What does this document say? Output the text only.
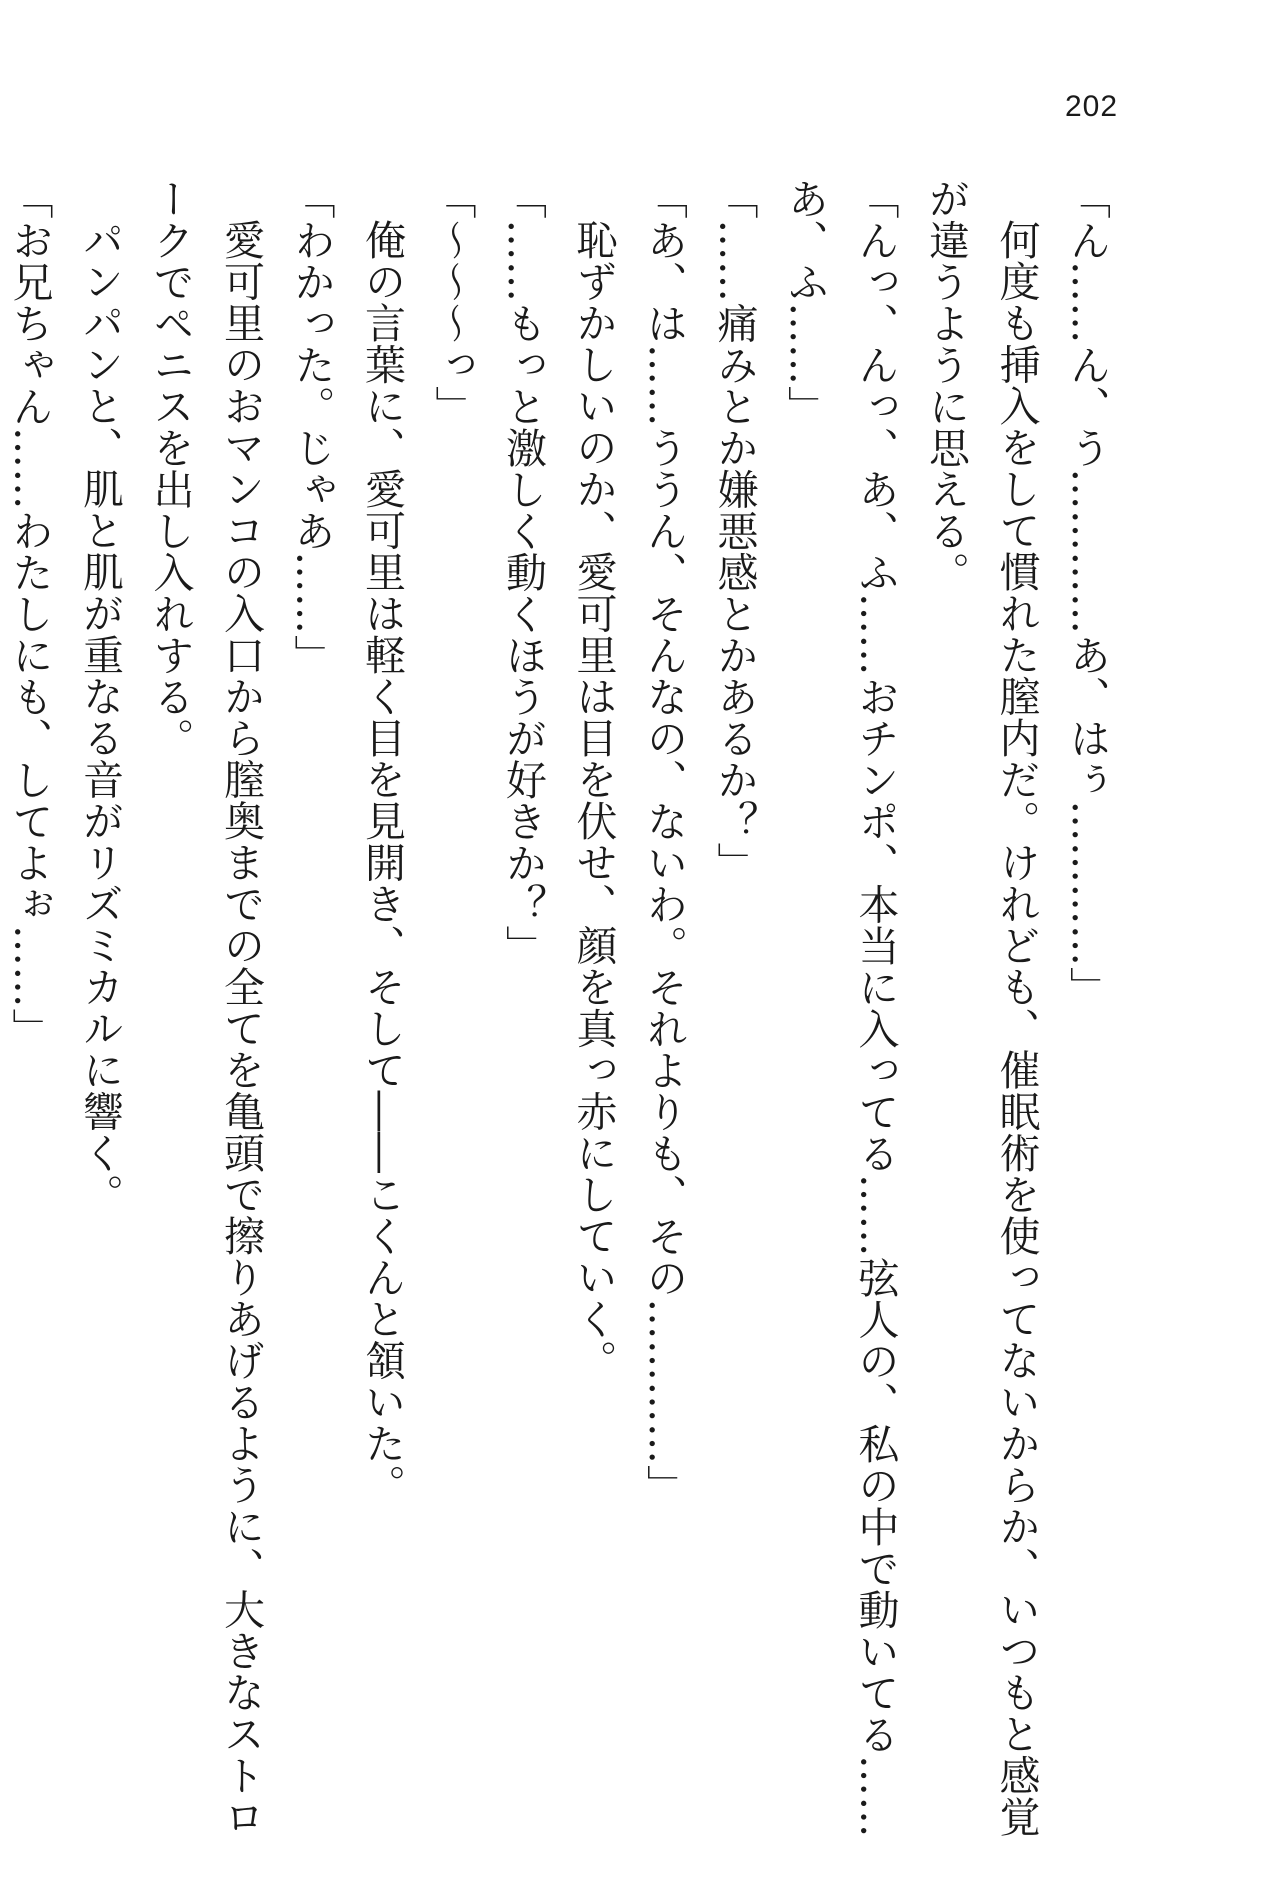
202
「ん……ん、う…………あ、はぅ…………」
何度も挿入をして慣れた膣内だ。けれども、催眠術を使ってないからか、いつもと感覚
が違うように思える。
「んっ、んっ、あ、ふ……おチンポ、本当に入ってる……弦人の、私の中で動いてる……
あ、ふ……」
「……痛みとか嫌悪感とかあるか？」
「あ、は……ううん、そんなの、ないわ。それよりも、その…………」
恥ずかしいのか、愛可里は目を伏せ、顔を真っ赤にしていく。
「……もっと激しく動くほうが好きか？」
「～～～っ」
俺の言葉に、愛可里は軽く目を見開き、そして――こくんと頷いた。
「わかった。じゃあ……」
愛可里のおマンコの入口から膣奥までの全てを亀頭で擦りあげるように、大きなストロ
ークでペニスを出し入れする。
パンパンと、肌と肌が重なる音がリズミカルに響く。
「お兄ちゃん……わたしにも、してよぉ……」
